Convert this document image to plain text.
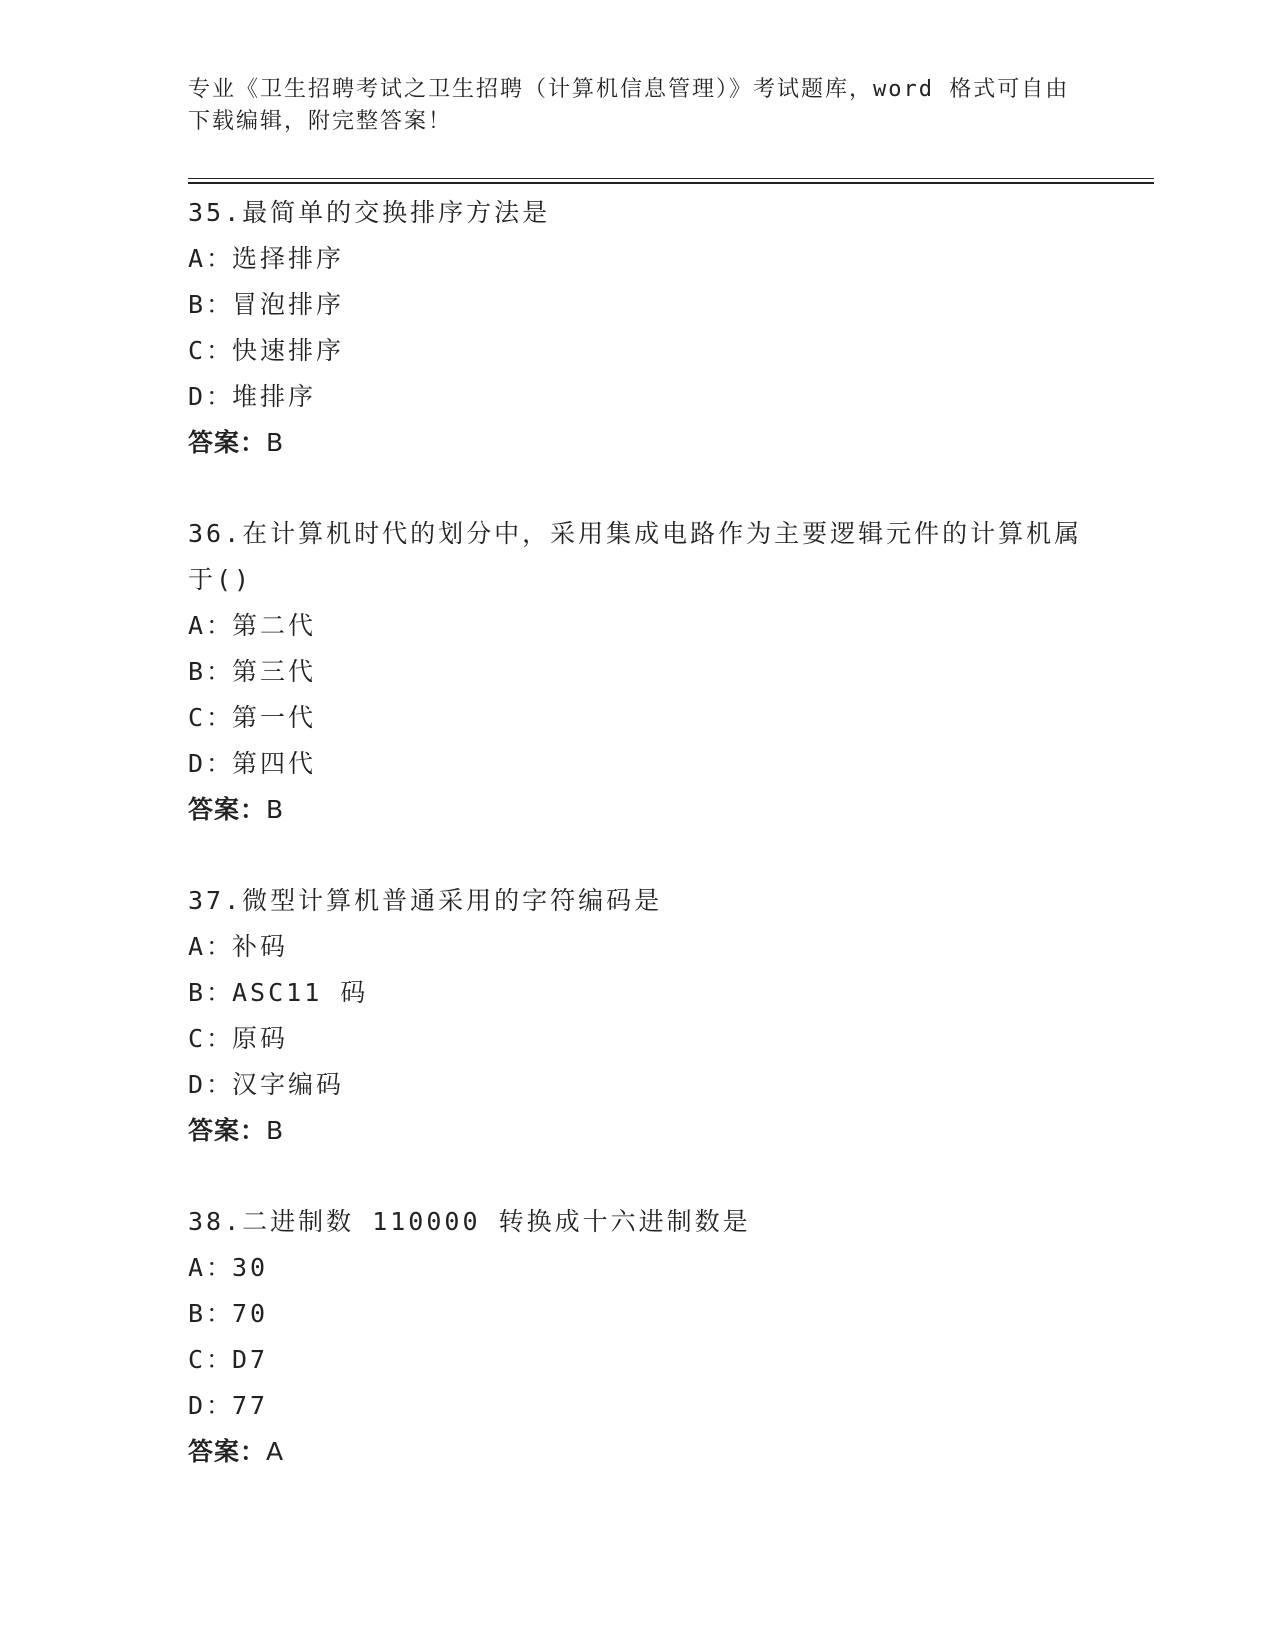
专业《卫生招聘考试之卫生招聘（计算机信息管理）》考试题库，word 格式可自由下载编辑，附完整答案！
35.最简单的交换排序方法是
A：选择排序
B：冒泡排序
C：快速排序
D：堆排序
答案：B
36.在计算机时代的划分中，采用集成电路作为主要逻辑元件的计算机属于()
A：第二代
B：第三代
C：第一代
D：第四代
答案：B
37.微型计算机普通采用的字符编码是
A：补码
B：ASC11 码
C：原码
D：汉字编码
答案：B
38.二进制数 110000 转换成十六进制数是
A：30
B：70
C：D7
D：77
答案：A
